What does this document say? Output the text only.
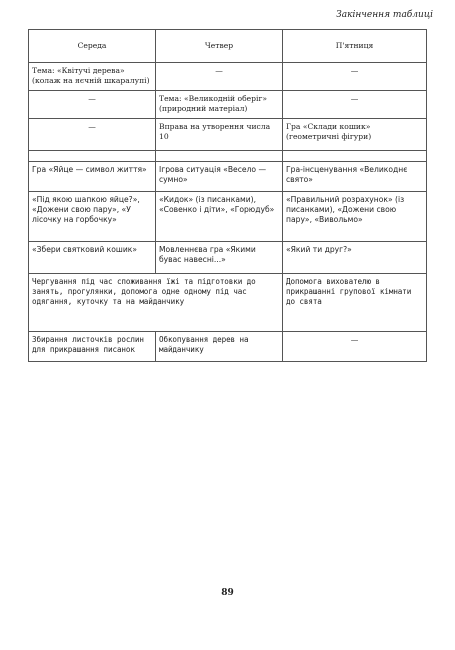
Закінчення таблиці
Середа	Четвер	П'ятниця
Тема: «Квітучі дерева» (колаж на яєчній шкаралупі)	—	—
—	Тема: «Великодній оберіг» (природний матеріал)	—
—	Вправа на утворення числа 10	Гра «Склади кошик» (геометричні фігури)

Гра «Яйце — символ життя»	Ігрова ситуація «Весело — сумно»	Гра-інсценування «Великоднє свято»
«Під якою шапкою яйце?», «Дожени свою пару», «У лісочку на горбочку»	«Кидок» (із писанками), «Совенко і діти», «Горюдуб»	«Правильний розрахунок» (із писанками), «Дожени свою пару», «Вивольмо»
«Збери святковий кошик»	Мовленнєва гра «Якими бувас навесні...»	«Який ти друг?»
Чергування під час споживання їжі та підготовки до занять, прогулянки, допомога одне одному під час одягання, куточку та на майданчику		Допомога вихователю в прикрашанні групової кімнати до свята
Збирання листочків рослин для прикрашання писанок	Обкопування дерев на майданчику	—
89
